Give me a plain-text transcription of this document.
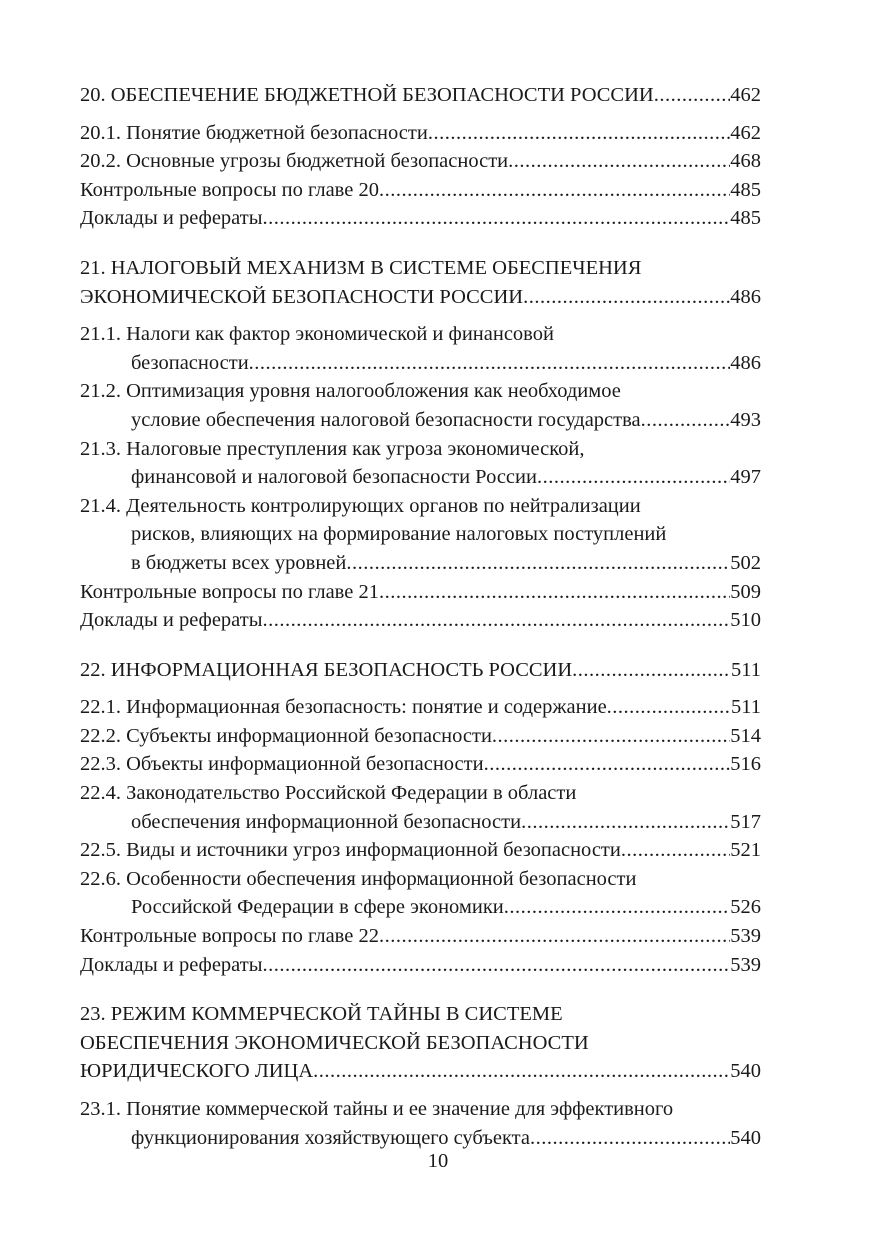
20. ОБЕСПЕЧЕНИЕ БЮДЖЕТНОЙ БЕЗОПАСНОСТИ РОССИИ .....	462
20.1. Понятие бюджетной безопасности .....	462
20.2. Основные угрозы бюджетной безопасности .....	468
Контрольные вопросы по главе 20 .....	485
Доклады и рефераты .....	485
21. НАЛОГОВЫЙ МЕХАНИЗМ В СИСТЕМЕ ОБЕСПЕЧЕНИЯ
ЭКОНОМИЧЕСКОЙ БЕЗОПАСНОСТИ РОССИИ .....	486
21.1. Налоги как фактор экономической и финансовой
безопасности .....	486
21.2. Оптимизация уровня налогообложения как необходимое
условие обеспечения налоговой безопасности государства .....	493
21.3. Налоговые преступления как угроза экономической,
финансовой и налоговой безопасности России .....	497
21.4. Деятельность контролирующих органов по нейтрализации
рисков, влияющих на формирование налоговых поступлений
в бюджеты всех уровней .....	502
Контрольные вопросы по главе 21 .....	509
Доклады и рефераты .....	510
22. ИНФОРМАЦИОННАЯ БЕЗОПАСНОСТЬ РОССИИ .....	511
22.1. Информационная безопасность: понятие и содержание .....	511
22.2. Субъекты информационной безопасности .....	514
22.3. Объекты информационной безопасности .....	516
22.4. Законодательство Российской Федерации в области
обеспечения информационной безопасности .....	517
22.5. Виды и источники угроз информационной безопасности .....	521
22.6. Особенности обеспечения информационной безопасности
Российской Федерации в сфере экономики .....	526
Контрольные вопросы по главе 22 .....	539
Доклады и рефераты .....	539
23. РЕЖИМ КОММЕРЧЕСКОЙ ТАЙНЫ В СИСТЕМЕ
ОБЕСПЕЧЕНИЯ ЭКОНОМИЧЕСКОЙ БЕЗОПАСНОСТИ
ЮРИДИЧЕСКОГО ЛИЦА .....	540
23.1. Понятие коммерческой тайны и ее значение для эффективного
функционирования хозяйствующего субъекта .....	540
10
